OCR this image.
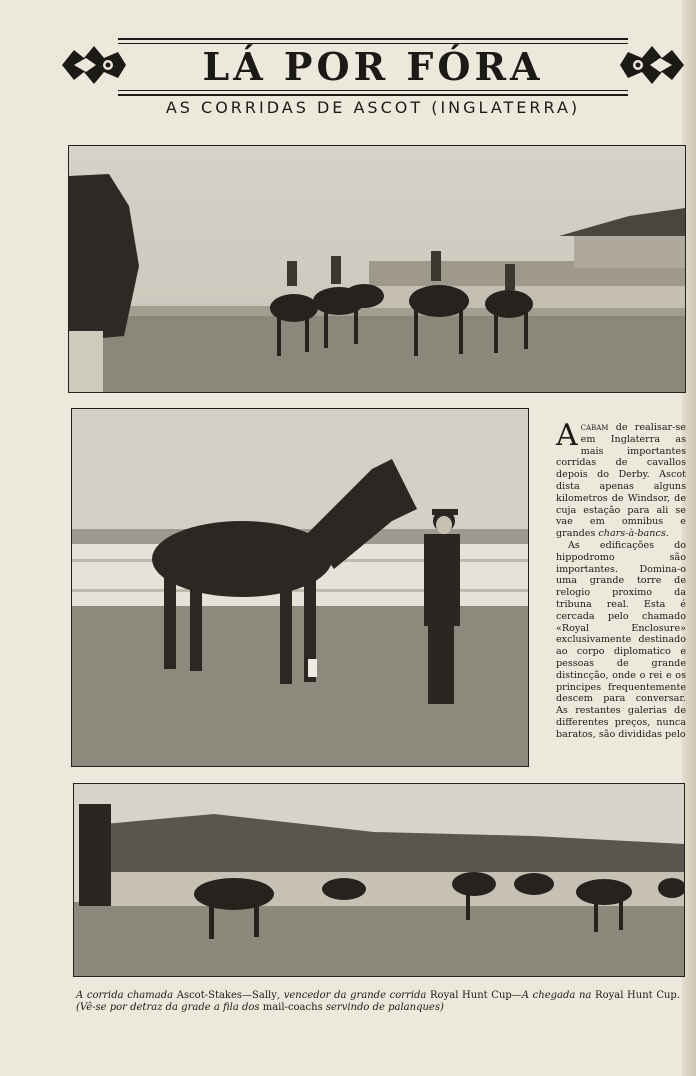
LÁ POR FÓRA
AS CORRIDAS DE ASCOT (INGLATERRA)

Acabam de realisar-se em Inglaterra as mais importantes corridas de cavallos depois do Derby. Ascot dista apenas alguns kilometros de Windsor, de cuja estação para ali se vae em omnibus e grandes chars-à-bancs.

As edificações do hippodromo são importantes. Domina-o uma grande torre de relogio proximo da tribuna real. Esta é cercada pelo chamado «Royal Enclosure» exclusivamente destinado ao corpo diplomatico e pessoas de grande distincção, onde o rei e os principes frequentemente descem para conversar. As restantes galerias de differentes preços, nunca baratos, são divididas pelo

A corrida chamada Ascot-Stakes—Sally, vencedor da grande corrida Royal Hunt Cup—A chegada na Royal Hunt Cup. (Vê-se por detraz da grade a fila dos mail-coachs servindo de palanques)
